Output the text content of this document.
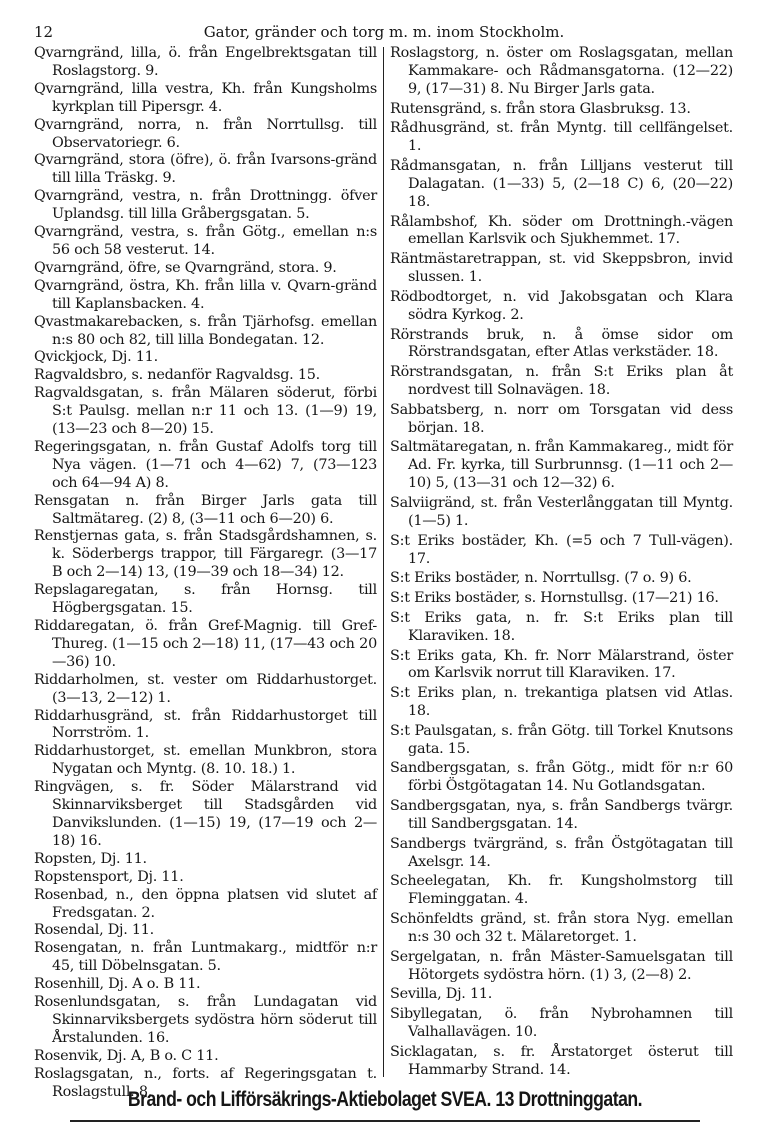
12	Gator, gränder och torg m. m. inom Stockholm.
Qvarngränd, lilla, ö. från Engelbrektsgatan till Roslagstorg. 9.
Qvarngränd, lilla vestra, Kh. från Kungsholms kyrkplan till Pipersgr. 4.
Qvarngränd, norra, n. från Norrtullsg. till Observatoriegr. 6.
Qvarngränd, stora (öfre), ö. från Ivarsons-gränd till lilla Träskg. 9.
Qvarngränd, vestra, n. från Drottningg. öfver Uplandsg. till lilla Gråbergsgatan. 5.
Qvarngränd, vestra, s. från Götg., emellan n:s 56 och 58 vesterut. 14.
Qvarngränd, öfre, se Qvarngränd, stora. 9.
Qvarngränd, östra, Kh. från lilla v. Qvarn-gränd till Kaplansbacken. 4.
Qvastmakarebacken, s. från Tjärhofsg. emellan n:s 80 och 82, till lilla Bondegatan. 12.
Qvickjock, Dj. 11.
Ragvaldsbro, s. nedanför Ragvaldsg. 15.
Ragvaldsgatan, s. från Mälaren söderut, förbi S:t Paulsg. mellan n:r 11 och 13. (1—9) 19, (13—23 och 8—20) 15.
Regeringsgatan, n. från Gustaf Adolfs torg till Nya vägen. (1—71 och 4—62) 7, (73—123 och 64—94 A) 8.
Rensgatan n. från Birger Jarls gata till Saltmätareg. (2) 8, (3—11 och 6—20) 6.
Renstjernas gata, s. från Stadsgårdshamnen, s. k. Söderbergs trappor, till Färgaregr. (3—17 B och 2—14) 13, (19—39 och 18—34) 12.
Repslagaregatan, s. från Hornsg. till Högbergsgatan. 15.
Riddaregatan, ö. från Gref-Magnig. till Gref-Thureg. (1—15 och 2—18) 11, (17—43 och 20—36) 10.
Riddarholmen, st. vester om Riddarhustorget. (3—13, 2—12) 1.
Riddarhusgränd, st. från Riddarhustorget till Norrström. 1.
Riddarhustorget, st. emellan Munkbron, stora Nygatan och Myntg. (8. 10. 18.) 1.
Ringvägen, s. fr. Söder Mälarstrand vid Skinnarviksberget till Stadsgården vid Danvikslunden. (1—15) 19, (17—19 och 2—18) 16.
Ropsten, Dj. 11.
Ropstensport, Dj. 11.
Rosenbad, n., den öppna platsen vid slutet af Fredsgatan. 2.
Rosendal, Dj. 11.
Rosengatan, n. från Luntmakarg., midtför n:r 45, till Döbelnsgatan. 5.
Rosenhill, Dj. A o. B 11.
Rosenlundsgatan, s. från Lundagatan vid Skinnarviksbergets sydöstra hörn söderut till Årstalunden. 16.
Rosenvik, Dj. A, B o. C 11.
Roslagsgatan, n., forts. af Regeringsgatan t. Roslagstull. 8.
Roslagstorg, n. öster om Roslagsgatan, mellan Kammakare- och Rådmansgatorna. (12—22) 9, (17—31) 8. Nu Birger Jarls gata.
Rutensgränd, s. från stora Glasbruksg. 13.
Rådhusgränd, st. från Myntg. till cellfängelset. 1.
Rådmansgatan, n. från Lilljans vesterut till Dalagatan. (1—33) 5, (2—18 C) 6, (20—22) 18.
Rålambshof, Kh. söder om Drottningh.-vägen emellan Karlsvik och Sjukhemmet. 17.
Räntmästaretrappan, st. vid Skeppsbron, invid slussen. 1.
Rödbodtorget, n. vid Jakobsgatan och Klara södra Kyrkog. 2.
Rörstrands bruk, n. å ömse sidor om Rörstrandsgatan, efter Atlas verkstäder. 18.
Rörstrandsgatan, n. från S:t Eriks plan åt nordvest till Solnavägen. 18.
Sabbatsberg, n. norr om Torsgatan vid dess början. 18.
Saltmätaregatan, n. från Kammakareg., midt för Ad. Fr. kyrka, till Surbrunnsg. (1—11 och 2—10) 5, (13—31 och 12—32) 6.
Salviigränd, st. från Vesterlånggatan till Myntg. (1—5) 1.
S:t Eriks bostäder, Kh. (=5 och 7 Tull-vägen). 17.
S:t Eriks bostäder, n. Norrtullsg. (7 o. 9) 6.
S:t Eriks bostäder, s. Hornstullsg. (17—21) 16.
S:t Eriks gata, n. fr. S:t Eriks plan till Klaraviken. 18.
S:t Eriks gata, Kh. fr. Norr Mälarstrand, öster om Karlsvik norrut till Klaraviken. 17.
S:t Eriks plan, n. trekantiga platsen vid Atlas. 18.
S:t Paulsgatan, s. från Götg. till Torkel Knutsons gata. 15.
Sandbergsgatan, s. från Götg., midt för n:r 60 förbi Östgötagatan 14. Nu Gotlandsgatan.
Sandbergsgatan, nya, s. från Sandbergs tvärgr. till Sandbergsgatan. 14.
Sandbergs tvärgränd, s. från Östgötagatan till Axelsgr. 14.
Scheelegatan, Kh. fr. Kungsholmstorg till Fleminggatan. 4.
Schönfeldts gränd, st. från stora Nyg. emellan n:s 30 och 32 t. Mälaretorget. 1.
Sergelgatan, n. från Mäster-Samuelsgatan till Hötorgets sydöstra hörn. (1) 3, (2—8) 2.
Sevilla, Dj. 11.
Sibyllegatan, ö. från Nybrohamnen till Valhallavägen. 10.
Sicklagatan, s. fr. Årstatorget österut till Hammarby Strand. 14.
Brand- och Lifförsäkrings-Aktiebolaget SVEA. 13 Drottninggatan.
